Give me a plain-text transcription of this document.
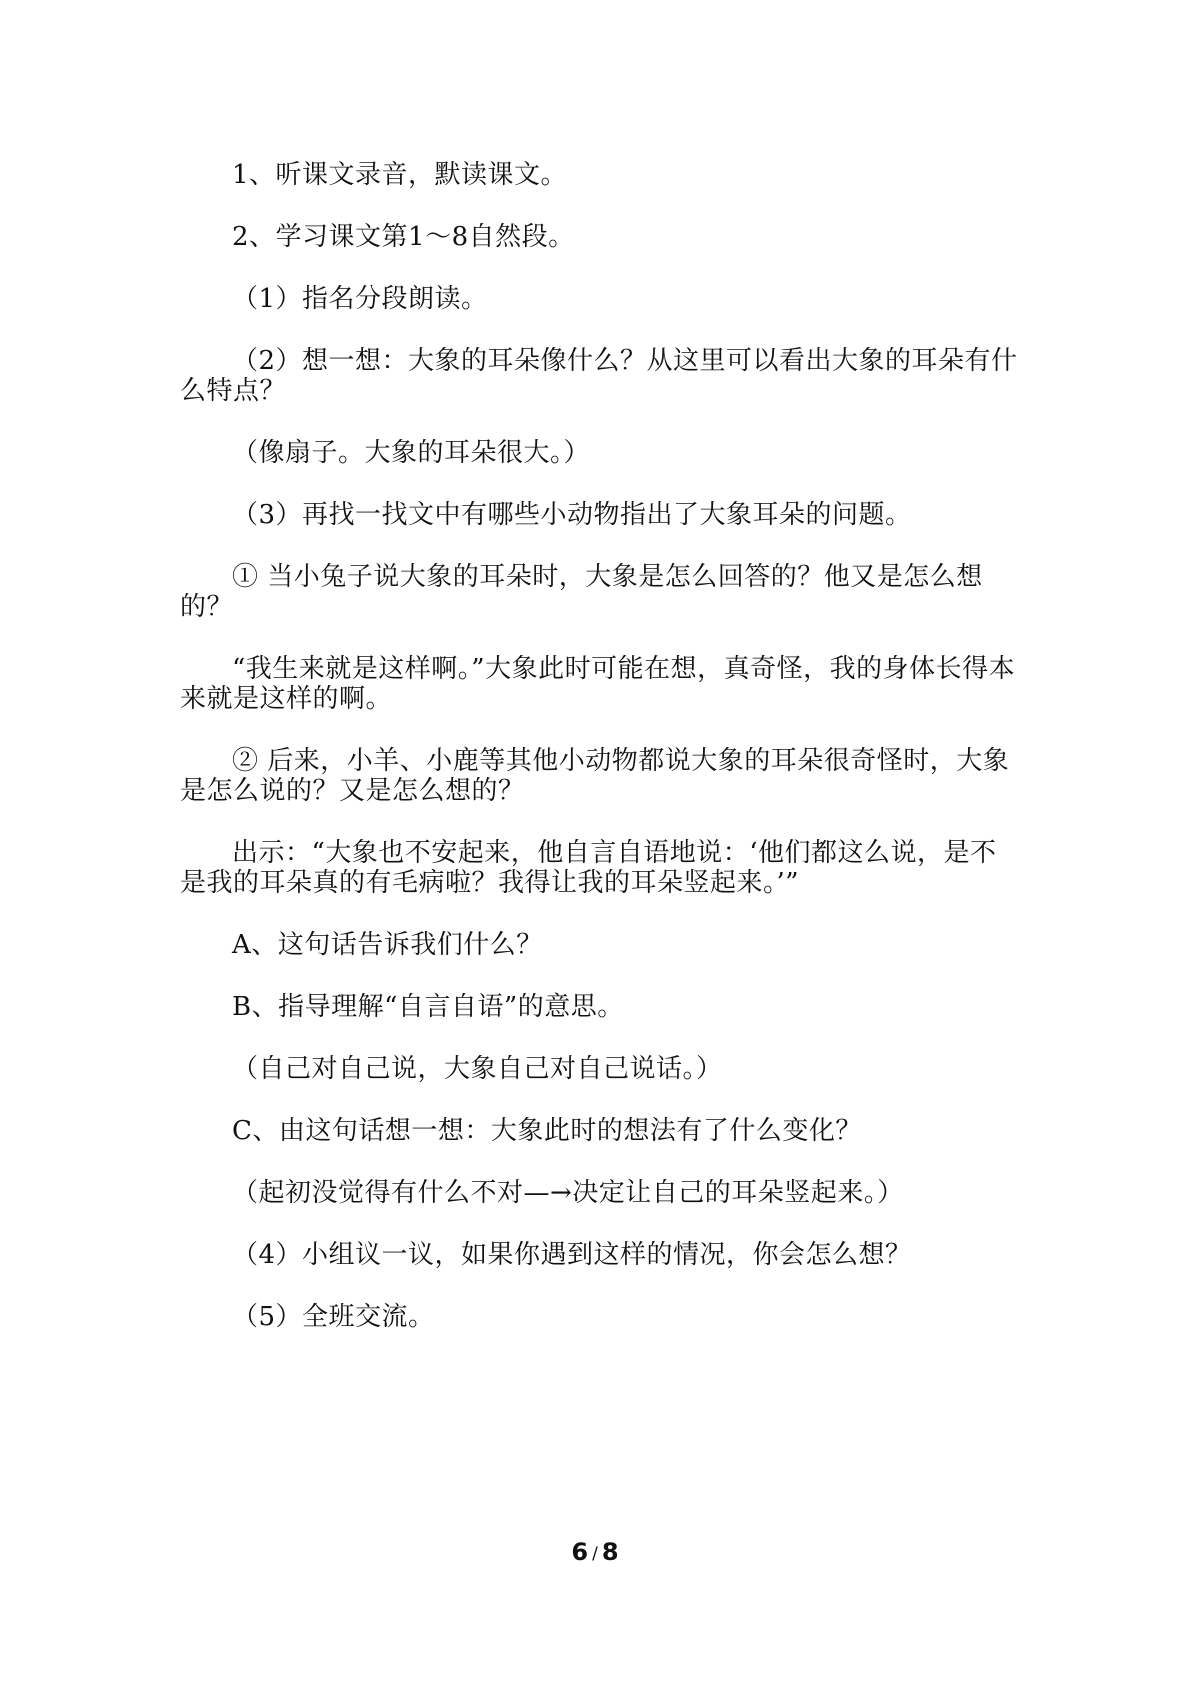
1、听课文录音，默读课文。

2、学习课文第1～8自然段。

（1）指名分段朗读。

（2）想一想：大象的耳朵像什么？从这里可以看出大象的耳朵有什么特点？

（像扇子。大象的耳朵很大。）

（3）再找一找文中有哪些小动物指出了大象耳朵的问题。

① 当小兔子说大象的耳朵时，大象是怎么回答的？他又是怎么想的？

“我生来就是这样啊。”大象此时可能在想，真奇怪，我的身体长得本来就是这样的啊。

② 后来，小羊、小鹿等其他小动物都说大象的耳朵很奇怪时，大象是怎么说的？又是怎么想的？

出示：“大象也不安起来，他自言自语地说：‘他们都这么说，是不是我的耳朵真的有毛病啦？我得让我的耳朵竖起来。’”

A、这句话告诉我们什么？

B、指导理解“自言自语”的意思。

（自己对自己说，大象自己对自己说话。）

C、由这句话想一想：大象此时的想法有了什么变化？

（起初没觉得有什么不对—→决定让自己的耳朵竖起来。）

（4）小组议一议，如果你遇到这样的情况，你会怎么想？

（5）全班交流。

6 / 8
